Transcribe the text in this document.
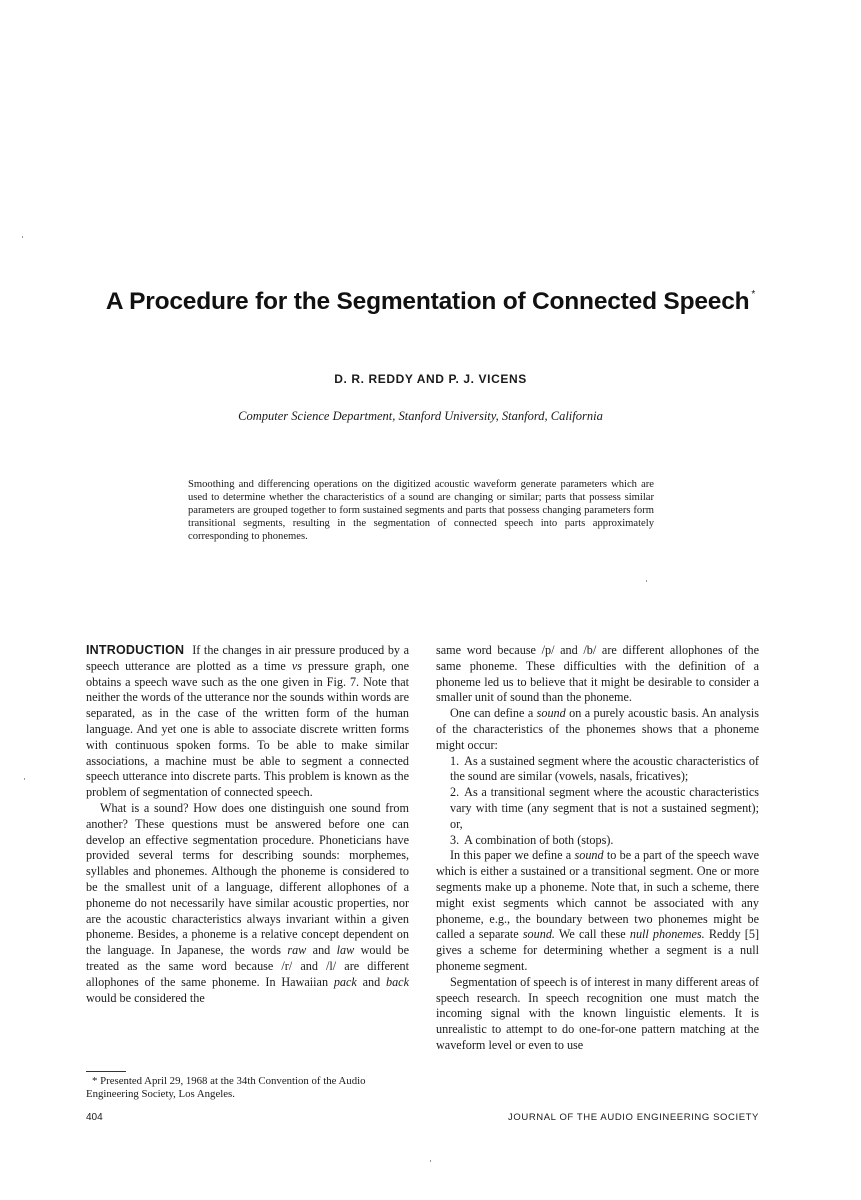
A Procedure for the Segmentation of Connected Speech *
D. R. REDDY AND P. J. VICENS
Computer Science Department, Stanford University, Stanford, California
Smoothing and differencing operations on the digitized acoustic waveform generate parameters which are used to determine whether the characteristics of a sound are changing or similar; parts that possess similar parameters are grouped together to form sustained segments and parts that possess changing parameters form transitional segments, resulting in the segmentation of connected speech into parts approximately corresponding to phonemes.

INTRODUCTION If the changes in air pressure produced by a speech utterance are plotted as a time vs pressure graph, one obtains a speech wave such as the one given in Fig. 7. Note that neither the words of the utterance nor the sounds within words are separated, as in the case of the written form of the human language. And yet one is able to associate discrete written forms with continuous spoken forms. To be able to make similar associations, a machine must be able to segment a connected speech utterance into discrete parts. This problem is known as the problem of segmentation of connected speech.

What is a sound? How does one distinguish one sound from another? These questions must be answered before one can develop an effective segmentation procedure. Phoneticians have provided several terms for describing sounds: morphemes, syllables and phonemes. Although the phoneme is considered to be the smallest unit of a language, different allophones of a phoneme do not necessarily have similar acoustic properties, nor are the acoustic characteristics always invariant within a given phoneme. Besides, a phoneme is a relative concept dependent on the language. In Japanese, the words raw and law would be treated as the same word because /r/ and /l/ are different allophones of the same phoneme. In Hawaiian pack and back would be considered the

same word because /p/ and /b/ are different allophones of the same phoneme. These difficulties with the definition of a phoneme led us to believe that it might be desirable to consider a smaller unit of sound than the phoneme.

One can define a sound on a purely acoustic basis. An analysis of the characteristics of the phonemes shows that a phoneme might occur:

1. As a sustained segment where the acoustic characteristics of the sound are similar (vowels, nasals, fricatives);

2. As a transitional segment where the acoustic characteristics vary with time (any segment that is not a sustained segment); or,

3. A combination of both (stops).

In this paper we define a sound to be a part of the speech wave which is either a sustained or a transitional segment. One or more segments make up a phoneme. Note that, in such a scheme, there might exist segments which cannot be associated with any phoneme, e.g., the boundary between two phonemes might be called a separate sound. We call these null phonemes. Reddy [5] gives a scheme for determining whether a segment is a null phoneme segment.

Segmentation of speech is of interest in many different areas of speech research. In speech recognition one must match the incoming signal with the known linguistic elements. It is unrealistic to attempt to do one-for-one pattern matching at the waveform level or even to use

* Presented April 29, 1968 at the 34th Convention of the Audio Engineering Society, Los Angeles.
404	JOURNAL OF THE AUDIO ENGINEERING SOCIETY
